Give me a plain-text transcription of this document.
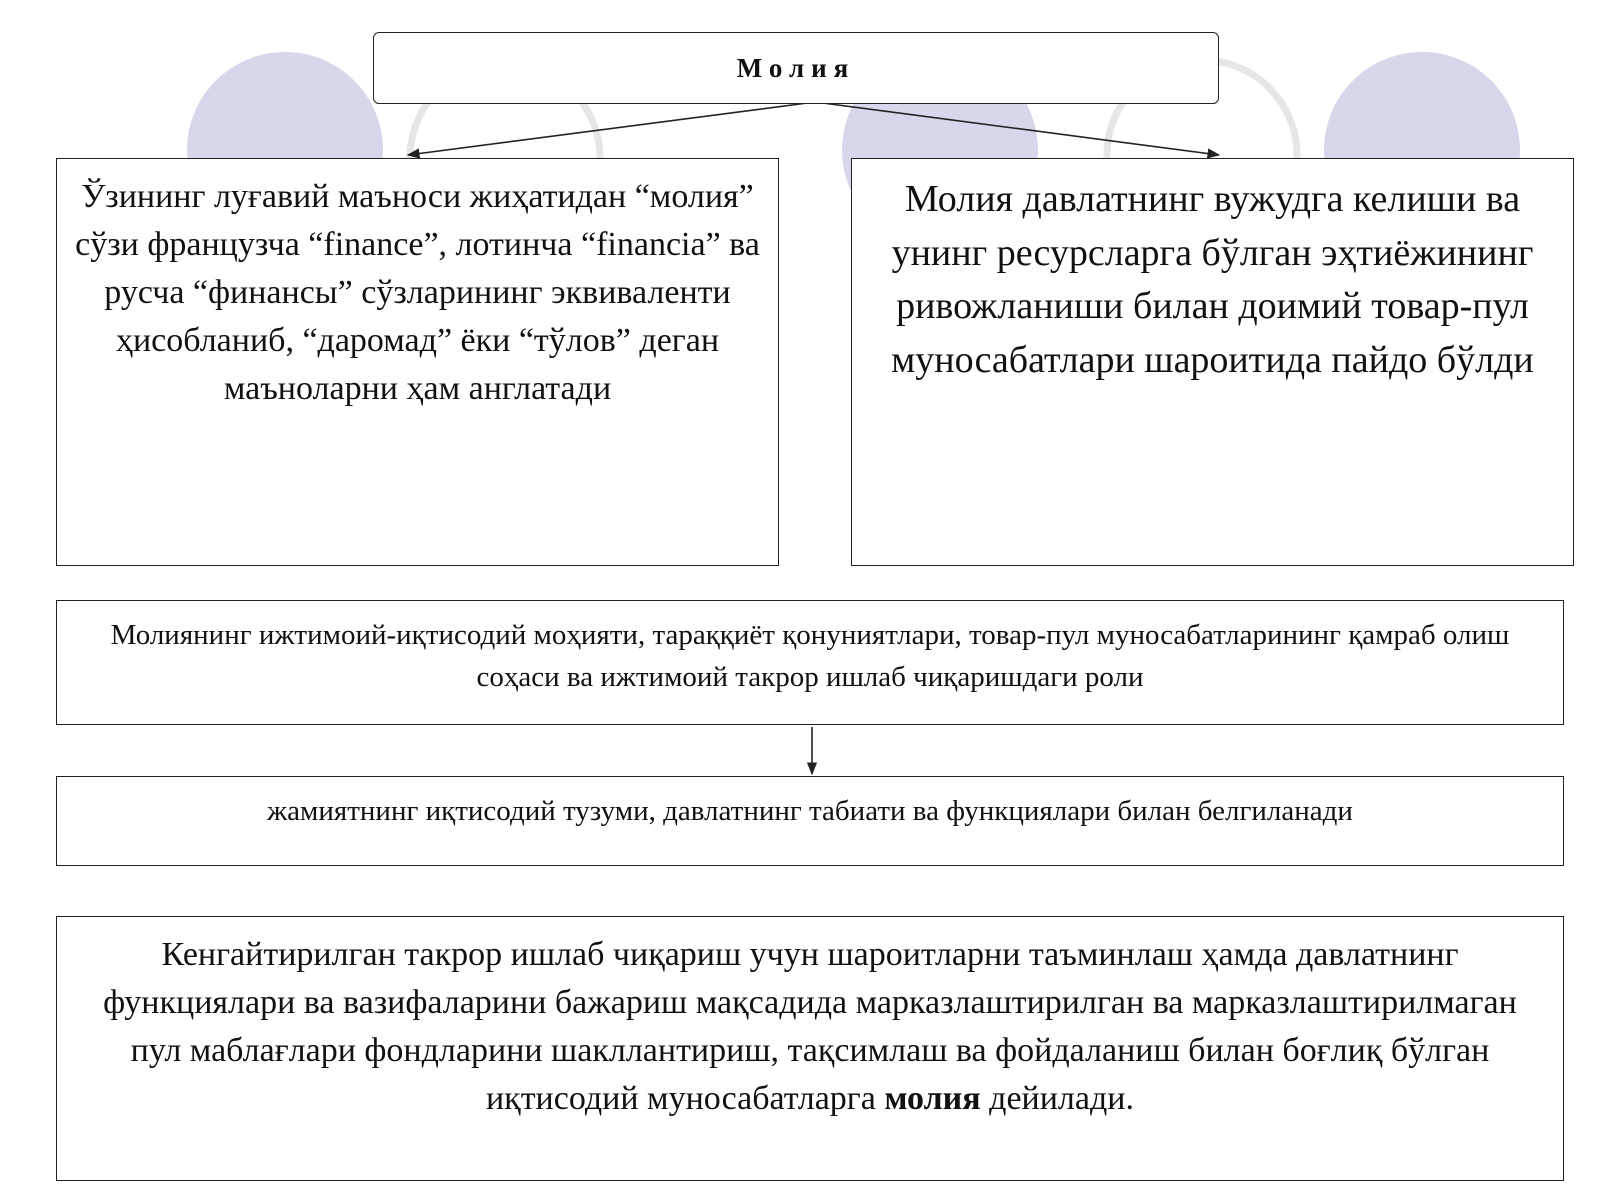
Молия
Ўзининг луғавий маъноси жиҳатидан “молия” сўзи французча “finance”, лотинча “financia” ва русча “финансы” сўзларининг эквиваленти ҳисобланиб, “даромад” ёки “тўлов” деган маъноларни ҳам англатади
Молия давлатнинг вужудга келиши ва унинг ресурсларга бўлган эҳтиёжининг ривожланиши билан доимий товар-пул муносабатлари шароитида пайдо бўлди
Молиянинг ижтимоий-иқтисодий моҳияти, тараққиёт қонуниятлари, товар-пул муносабатларининг қамраб олиш соҳаси ва ижтимоий такрор ишлаб чиқаришдаги роли
жамиятнинг иқтисодий тузуми, давлатнинг табиати ва функциялари билан белгиланади
Кенгайтирилган такрор ишлаб чиқариш учун шароитларни таъминлаш ҳамда давлатнинг функциялари ва вазифаларини бажариш мақсадида марказлаштирилган ва марказлаштирилмаган пул маблағлари фондларини шакллантириш, тақсимлаш ва фойдаланиш билан боғлиқ бўлган иқтисодий муносабатларга молия дейилади.
